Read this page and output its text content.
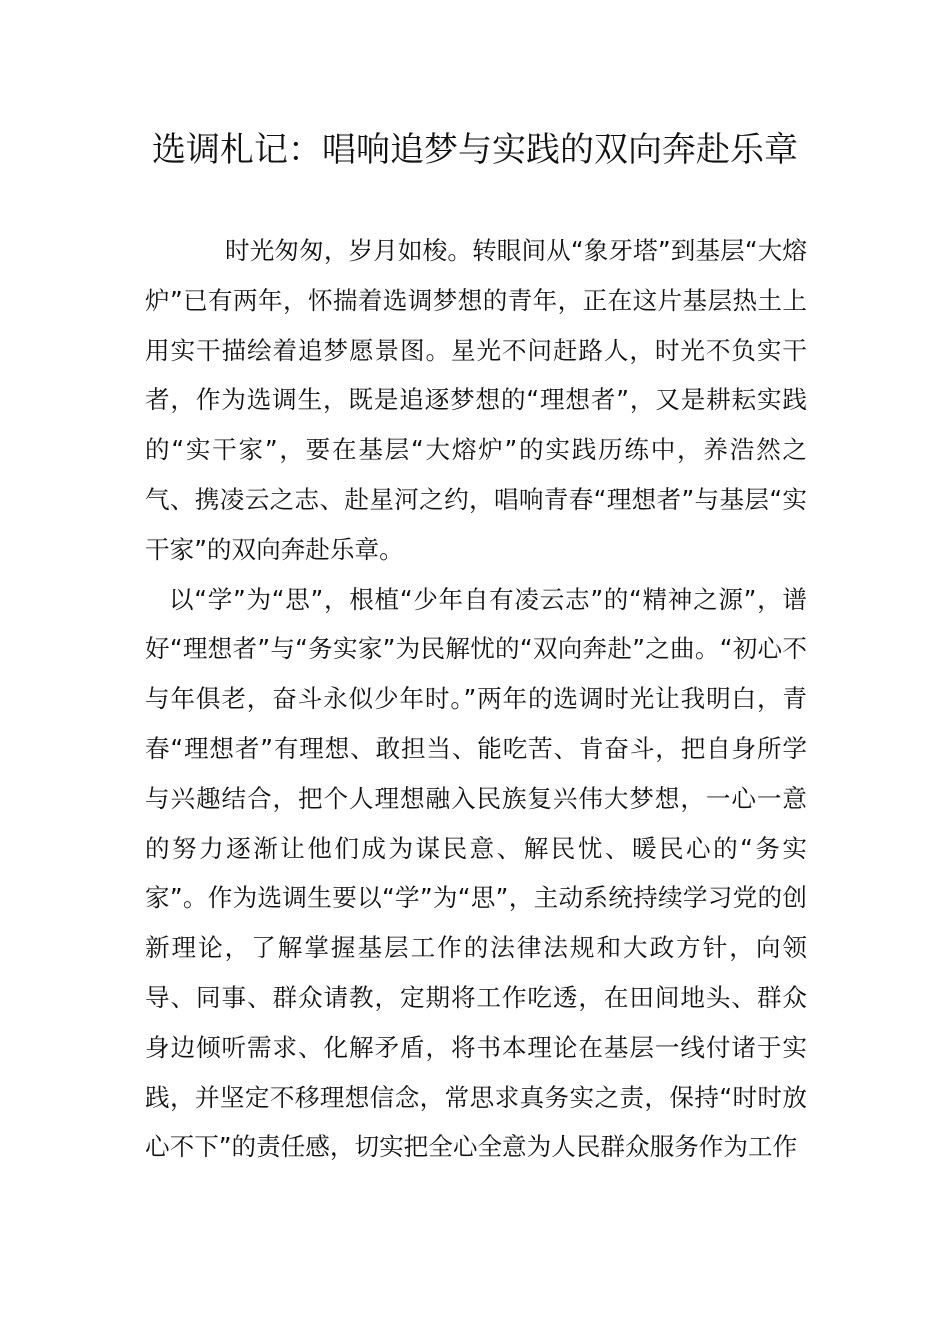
选调札记：唱响追梦与实践的双向奔赴乐章

时光匆匆，岁月如梭。转眼间从“象牙塔”到基层“大熔炉”已有两年，怀揣着选调梦想的青年，正在这片基层热土上用实干描绘着追梦愿景图。星光不问赶路人，时光不负实干者，作为选调生，既是追逐梦想的“理想者”，又是耕耘实践的“实干家”，要在基层“大熔炉”的实践历练中，养浩然之气、携凌云之志、赴星河之约，唱响青春“理想者”与基层“实干家”的双向奔赴乐章。

以“学”为“思”，根植“少年自有凌云志”的“精神之源”，谱好“理想者”与“务实家”为民解忧的“双向奔赴”之曲。“初心不与年俱老，奋斗永似少年时。”两年的选调时光让我明白，青春“理想者”有理想、敢担当、能吃苦、肯奋斗，把自身所学与兴趣结合，把个人理想融入民族复兴伟大梦想，一心一意的努力逐渐让他们成为谋民意、解民忧、暖民心的“务实家”。作为选调生要以“学”为“思”，主动系统持续学习党的创新理论，了解掌握基层工作的法律法规和大政方针，向领导、同事、群众请教，定期将工作吃透，在田间地头、群众身边倾听需求、化解矛盾，将书本理论在基层一线付诸于实践，并坚定不移理想信念，常思求真务实之责，保持“时时放心不下”的责任感，切实把全心全意为人民群众服务作为工作
